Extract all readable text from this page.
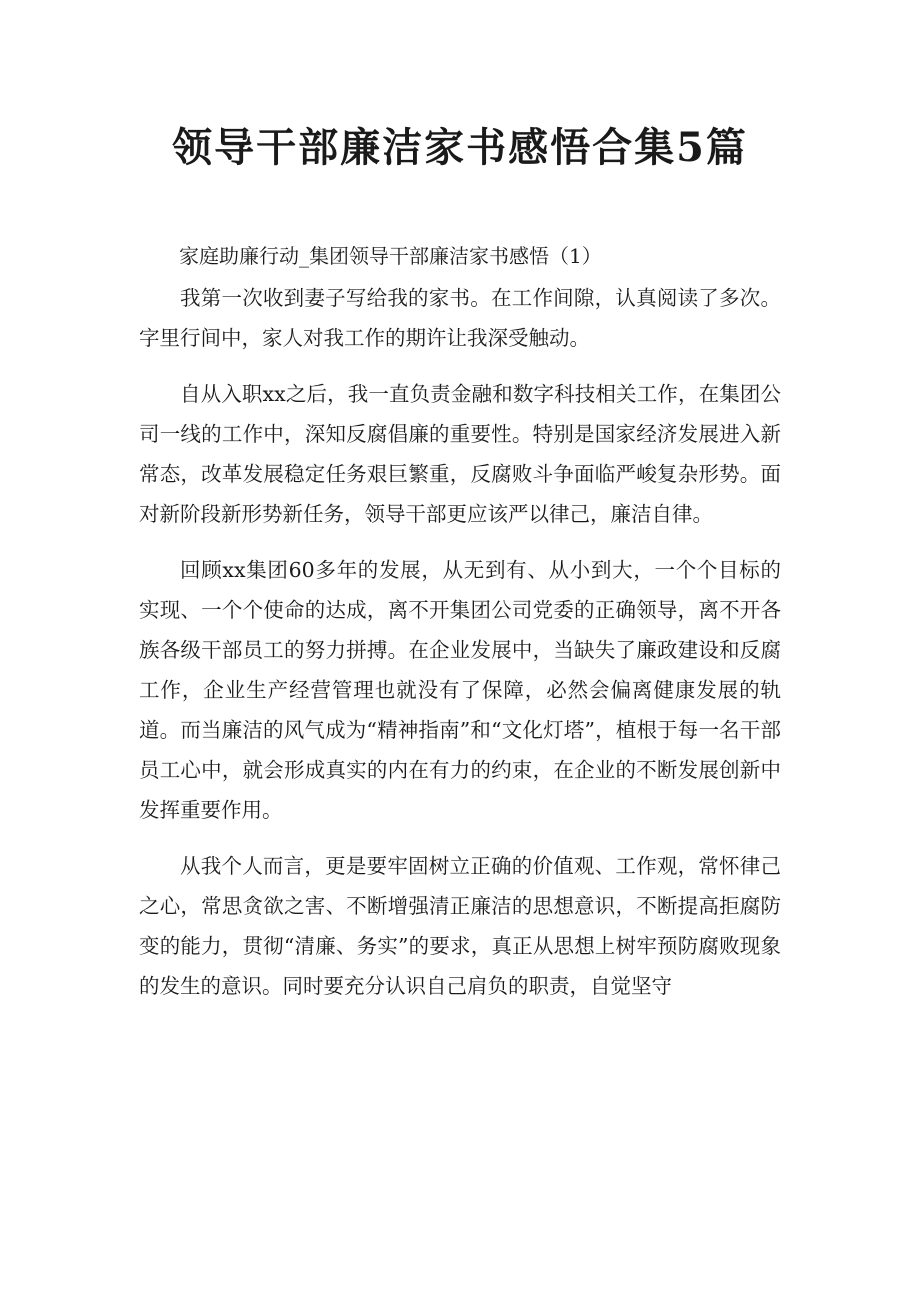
领导干部廉洁家书感悟合集5篇

家庭助廉行动_集团领导干部廉洁家书感悟（1）

我第一次收到妻子写给我的家书。在工作间隙，认真阅读了多次。字里行间中，家人对我工作的期许让我深受触动。

自从入职xx之后，我一直负责金融和数字科技相关工作，在集团公司一线的工作中，深知反腐倡廉的重要性。特别是国家经济发展进入新常态，改革发展稳定任务艰巨繁重，反腐败斗争面临严峻复杂形势。面对新阶段新形势新任务，领导干部更应该严以律己，廉洁自律。

回顾xx集团60多年的发展，从无到有、从小到大，一个个目标的实现、一个个使命的达成，离不开集团公司党委的正确领导，离不开各族各级干部员工的努力拼搏。在企业发展中，当缺失了廉政建设和反腐工作，企业生产经营管理也就没有了保障，必然会偏离健康发展的轨道。而当廉洁的风气成为“精神指南”和“文化灯塔”，植根于每一名干部员工心中，就会形成真实的内在有力的约束，在企业的不断发展创新中发挥重要作用。

从我个人而言，更是要牢固树立正确的价值观、工作观，常怀律己之心，常思贪欲之害、不断增强清正廉洁的思想意识，不断提高拒腐防变的能力，贯彻“清廉、务实”的要求，真正从思想上树牢预防腐败现象的发生的意识。同时要充分认识自己肩负的职责，自觉坚守
